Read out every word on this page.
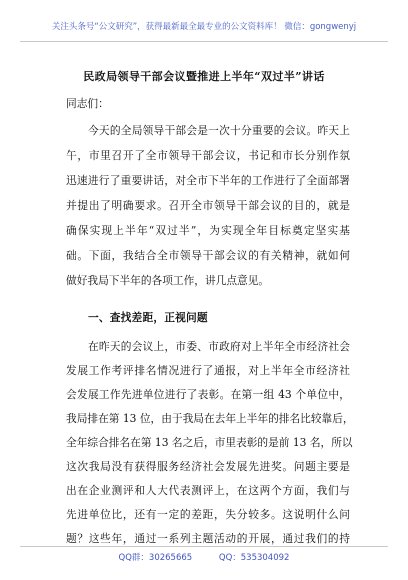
关注头条号“公文研究”，获得最新最全最专业的公文资料库！ 微信：gongwenyj
民政局领导干部会议暨推进上半年“双过半”讲话
同志们：
今天的全局领导干部会是一次十分重要的会议。昨天上
午，市里召开了全市领导干部会议，书记和市长分别作氛
迅速进行了重要讲话，对全市下半年的工作进行了全面部署
并提出了明确要求。召开全市领导干部会议的目的，就是
确保实现上半年“双过半”，为实现全年目标奠定坚实基
础。下面，我结合全市领导干部会议的有关精神，就如何
做好我局下半年的各项工作，讲几点意见。
一、查找差距，正视问题
在昨天的会议上，市委、市政府对上半年全市经济社会
发展工作考评排名情况进行了通报，对上半年全市经济社
会发展工作先进单位进行了表彰。在第一组 43 个单位中，
我局排在第 13 位，由于我局在去年上半年的排名比较靠后，
全年综合排名在第 13 名之后，市里表彰的是前 13 名，所以
这次我局没有获得服务经济社会发展先进奖。问题主要是
出在企业测评和人大代表测评上，在这两个方面，我们与
先进单位比，还有一定的差距，失分较多。这说明什么问
题？这些年，通过一系列主题活动的开展，通过我们的持
QQ群：30265665	QQ：535304092
